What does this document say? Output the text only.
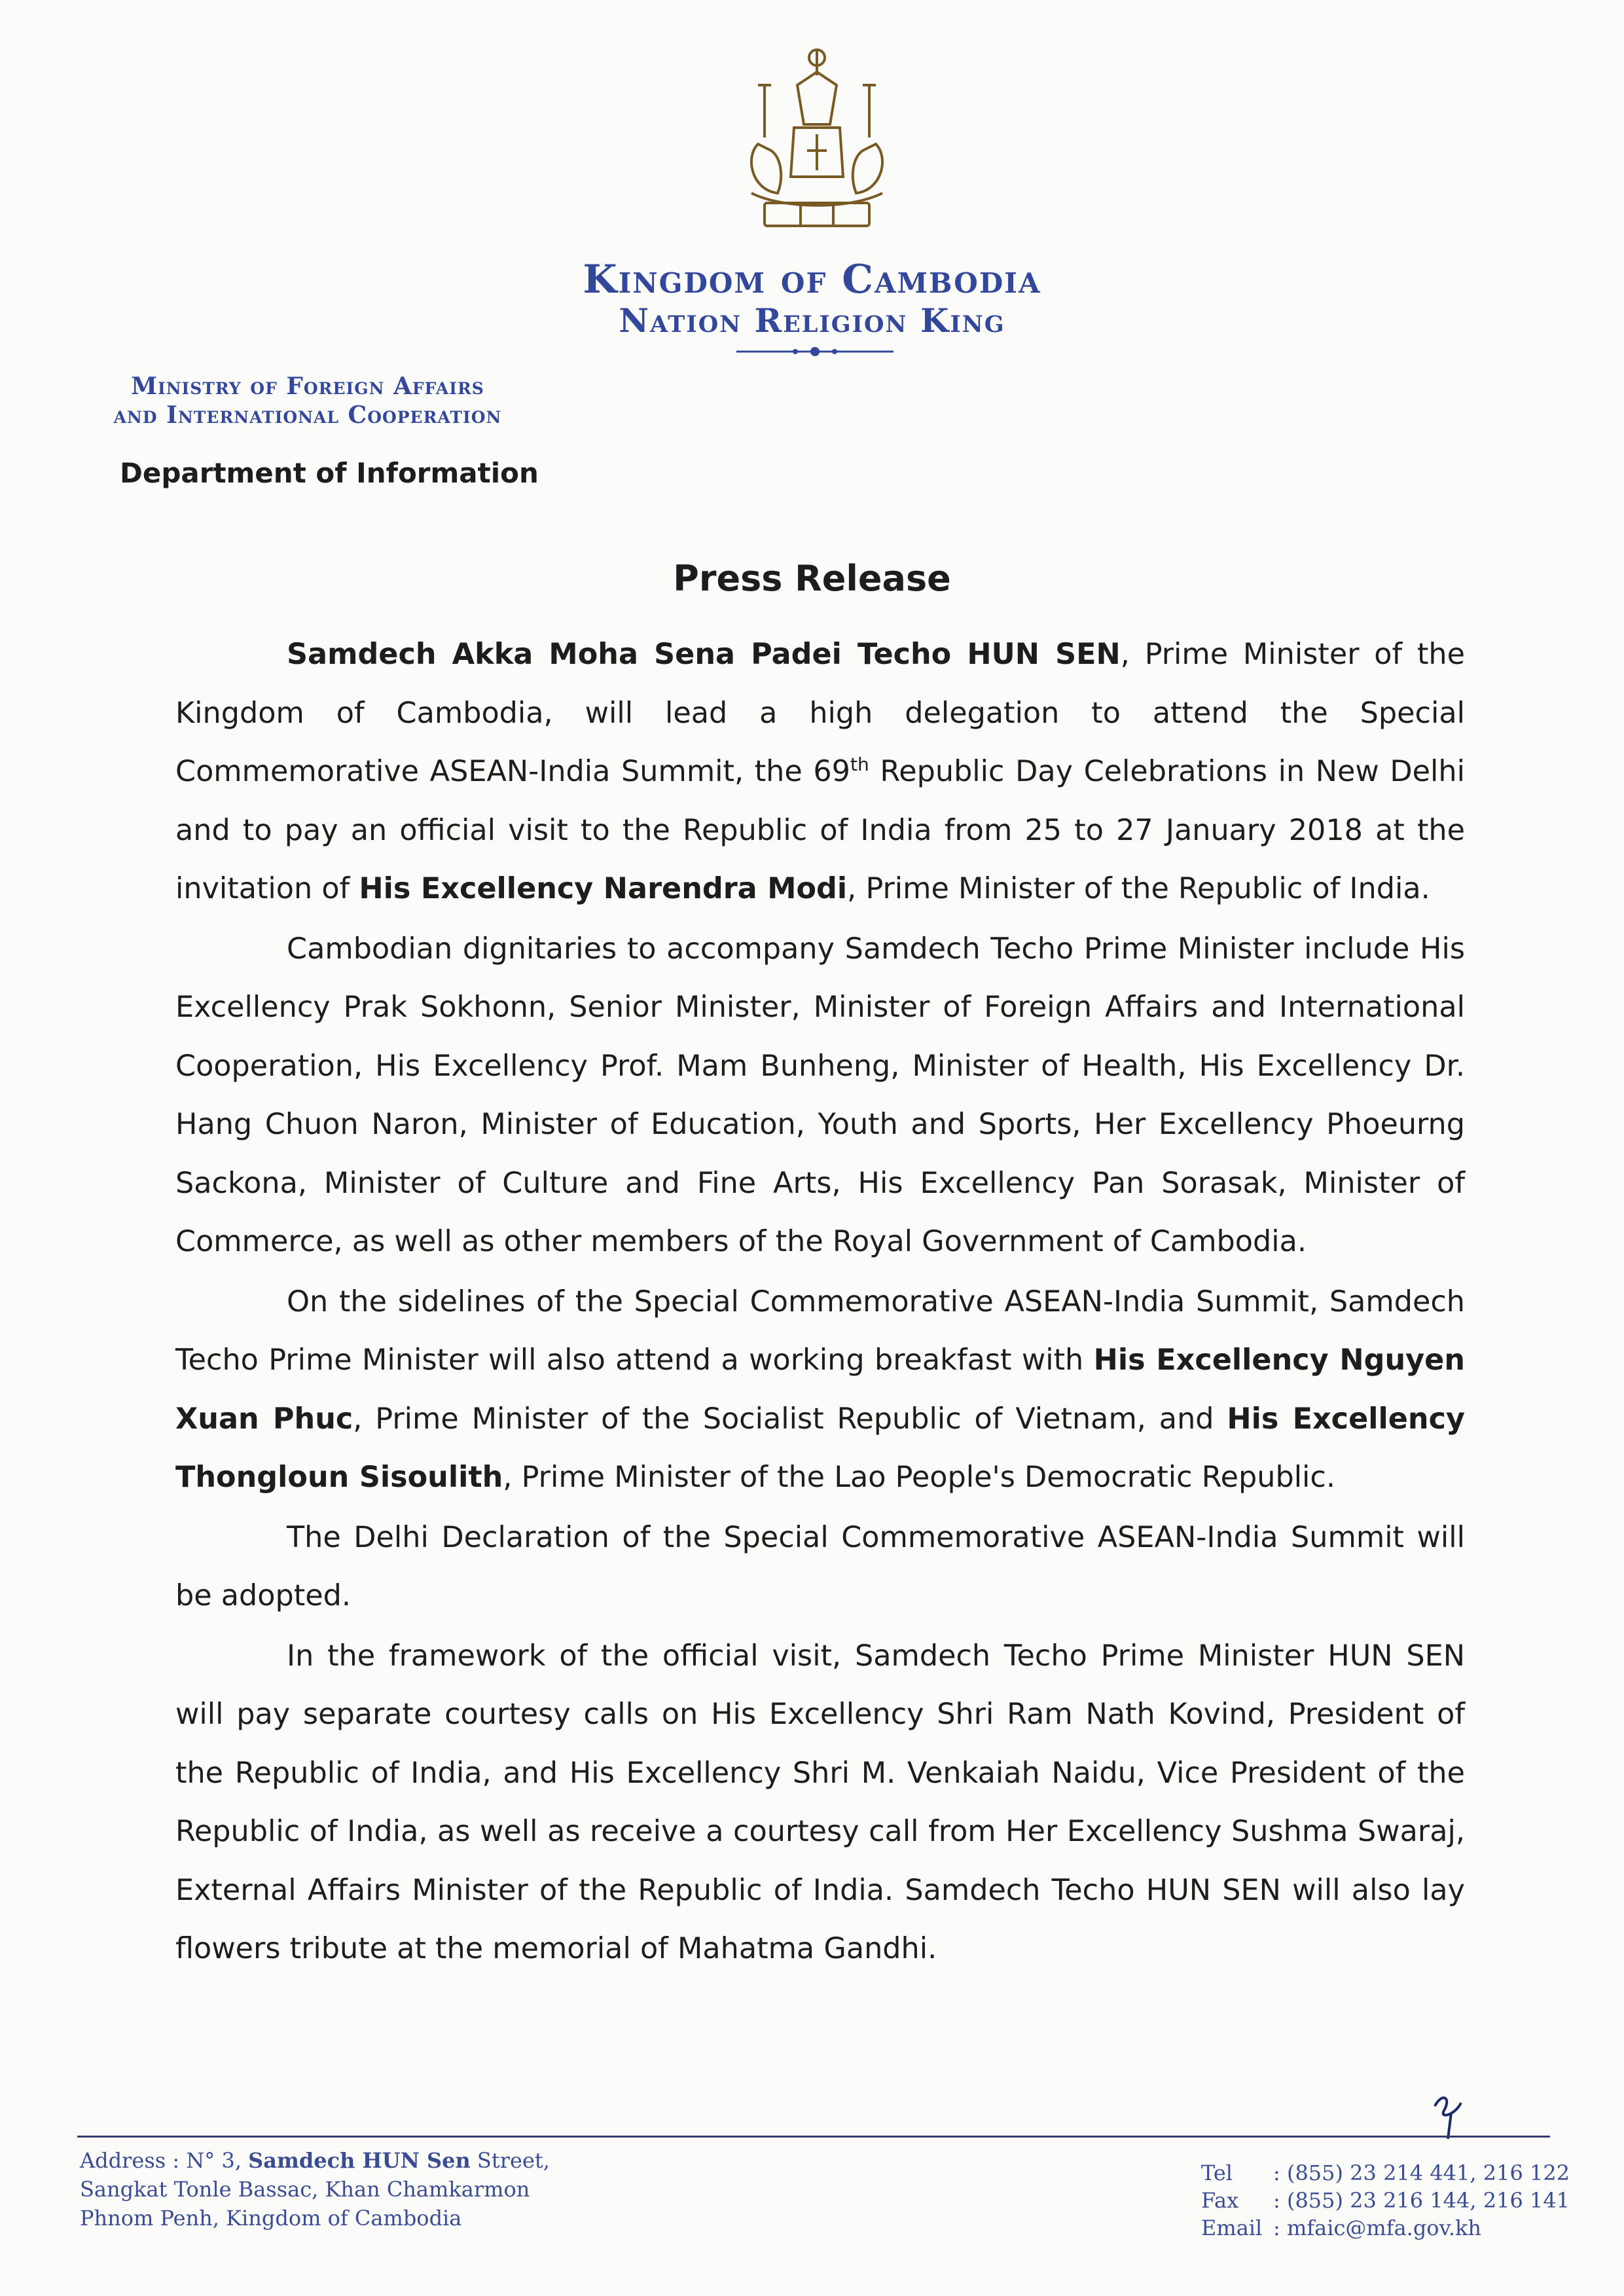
Kingdom of Cambodia
Nation Religion King
Ministry of Foreign Affairs
and International Cooperation
Department of Information
Press Release

Samdech Akka Moha Sena Padei Techo HUN SEN, Prime Minister of the Kingdom of Cambodia, will lead a high delegation to attend the Special Commemorative ASEAN-India Summit, the 69th Republic Day Celebrations in New Delhi and to pay an official visit to the Republic of India from 25 to 27 January 2018 at the invitation of His Excellency Narendra Modi, Prime Minister of the Republic of India.

Cambodian dignitaries to accompany Samdech Techo Prime Minister include His Excellency Prak Sokhonn, Senior Minister, Minister of Foreign Affairs and International Cooperation, His Excellency Prof. Mam Bunheng, Minister of Health, His Excellency Dr. Hang Chuon Naron, Minister of Education, Youth and Sports, Her Excellency Phoeurng Sackona, Minister of Culture and Fine Arts, His Excellency Pan Sorasak, Minister of Commerce, as well as other members of the Royal Government of Cambodia.

On the sidelines of the Special Commemorative ASEAN-India Summit, Samdech Techo Prime Minister will also attend a working breakfast with His Excellency Nguyen Xuan Phuc, Prime Minister of the Socialist Republic of Vietnam, and His Excellency Thongloun Sisoulith, Prime Minister of the Lao People's Democratic Republic.

The Delhi Declaration of the Special Commemorative ASEAN-India Summit will be adopted.

In the framework of the official visit, Samdech Techo Prime Minister HUN SEN will pay separate courtesy calls on His Excellency Shri Ram Nath Kovind, President of the Republic of India, and His Excellency Shri M. Venkaiah Naidu, Vice President of the Republic of India, as well as receive a courtesy call from Her Excellency Sushma Swaraj, External Affairs Minister of the Republic of India. Samdech Techo HUN SEN will also lay flowers tribute at the memorial of Mahatma Gandhi.

Address : N° 3, Samdech HUN Sen Street,
Sangkat Tonle Bassac, Khan Chamkarmon
Phnom Penh, Kingdom of Cambodia
Tel	: (855) 23 214 441, 216 122
Fax	: (855) 23 216 144, 216 141
Email : mfaic@mfa.gov.kh
